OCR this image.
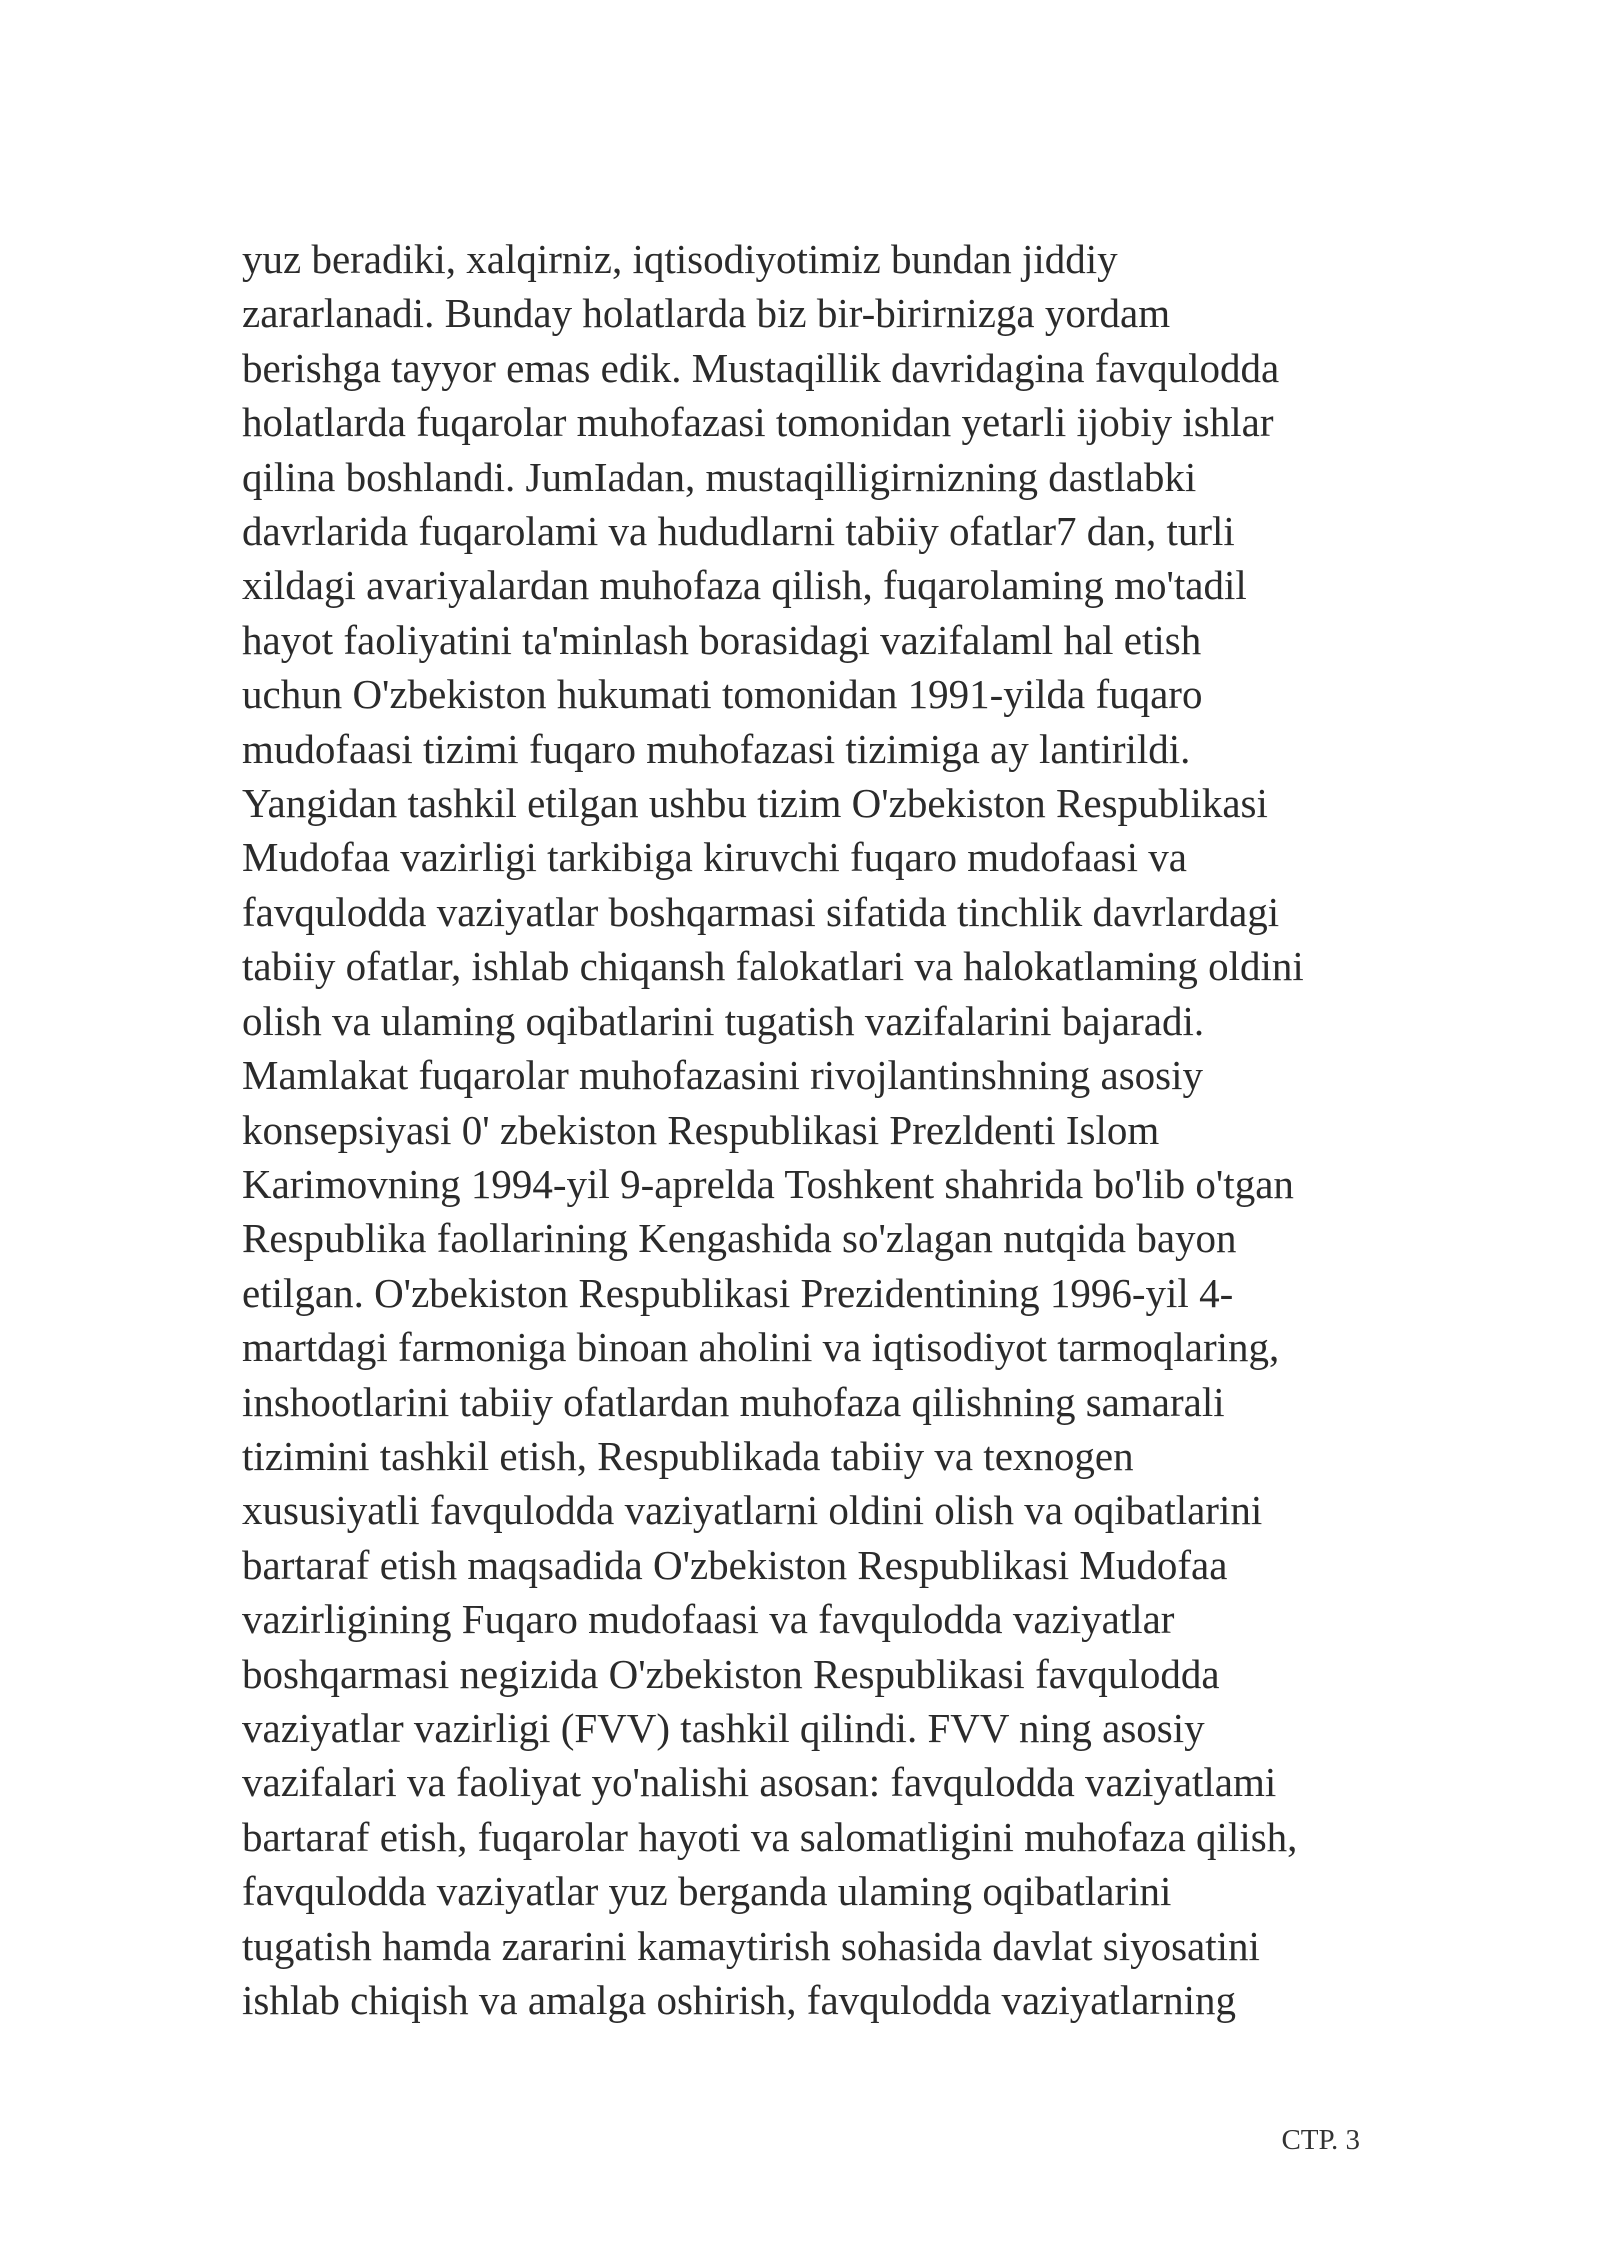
yuz beradiki, xalqirniz, iqtisodiyotimiz bundan jiddiy
zararlanadi. Bunday holatlarda biz bir-birirnizga yordam
berishga tayyor emas edik. Mustaqillik davridagina favqulodda
holatlarda fuqarolar muhofazasi tomonidan yetarli ijobiy ishlar
qilina boshlandi. JumIadan, mustaqilligirnizning dastlabki
davrlarida fuqarolami va hududlarni tabiiy ofatlar7 dan, turli
xildagi avariyalardan muhofaza qilish, fuqarolaming mo'tadil
hayot faoliyatini ta'minlash borasidagi vazifalaml hal etish
uchun O'zbekiston hukumati tomonidan 1991-yilda fuqaro
mudofaasi tizimi fuqaro muhofazasi tizimiga ay lantirildi.
Yangidan tashkil etilgan ushbu tizim O'zbekiston Respublikasi
Mudofaa vazirligi tarkibiga kiruvchi fuqaro mudofaasi va
favqulodda vaziyatlar boshqarmasi sifatida tinchlik davrlardagi
tabiiy ofatlar, ishlab chiqansh falokatlari va halokatlaming oldini
olish va ulaming oqibatlarini tugatish vazifalarini bajaradi.
Mamlakat fuqarolar muhofazasini rivojlantinshning asosiy
konsepsiyasi 0' zbekiston Respublikasi Prezldenti Islom
Karimovning 1994-yil 9-aprelda Toshkent shahrida bo'lib o'tgan
Respublika faollarining Kengashida so'zlagan nutqida bayon
etilgan. O'zbekiston Respublikasi Prezidentining 1996-yil 4-
martdagi farmoniga binoan aholini va iqtisodiyot tarmoqlaring,
inshootlarini tabiiy ofatlardan muhofaza qilishning samarali
tizimini tashkil etish, Respublikada tabiiy va texnogen
xususiyatli favqulodda vaziyatlarni oldini olish va oqibatlarini
bartaraf etish maqsadida O'zbekiston Respublikasi Mudofaa
vazirligining Fuqaro mudofaasi va favqulodda vaziyatlar
boshqarmasi negizida O'zbekiston Respublikasi favqulodda
vaziyatlar vazirligi (FVV) tashkil qilindi. FVV ning asosiy
vazifalari va faoliyat yo'nalishi asosan: favqulodda vaziyatlami
bartaraf etish, fuqarolar hayoti va salomatligini muhofaza qilish,
favqulodda vaziyatlar yuz berganda ulaming oqibatlarini
tugatish hamda zararini kamaytirish sohasida davlat siyosatini
ishlab chiqish va amalga oshirish, favqulodda vaziyatlarning
СТР. 3
